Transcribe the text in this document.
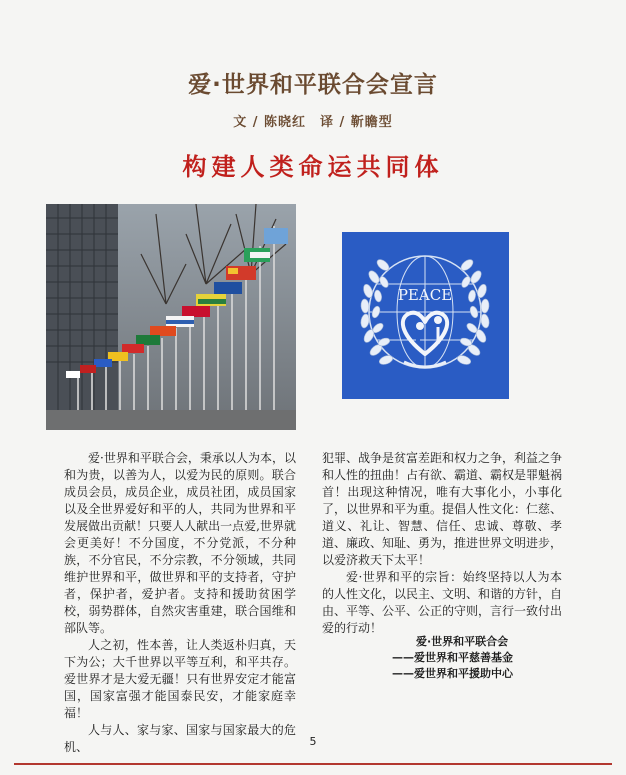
爱·世界和平联合会宣言
文 / 陈晓红　译 / 靳瞻型
构建人类命运共同体
PEACE

爱·世界和平联合会，秉承以人为本，以和为贵，以善为人，以爱为民的原则。联合成员会员，成员企业，成员社团，成员国家以及全世界爱好和平的人，共同为世界和平发展做出贡献！只要人人献出一点爱,世界就会更美好！不分国度，不分党派，不分种族，不分官民，不分宗教，不分领域，共同维护世界和平，做世界和平的支持者，守护者，保护者，爱护者。支持和援助贫困学校，弱势群体，自然灾害重建，联合国维和部队等。

人之初，性本善，让人类返朴归真，天下为公；大千世界以平等互利，和平共存。爱世界才是大爱无疆！只有世界安定才能富国，国家富强才能国泰民安，才能家庭幸福！

人与人、家与家、国家与国家最大的危机、

犯罪、战争是贫富差距和权力之争，利益之争和人性的扭曲！占有欲、霸道、霸权是罪魁祸首！出现这种情况，唯有大事化小，小事化了，以世界和平为重。提倡人性文化：仁慈、道义、礼让、智慧、信任、忠诚、尊敬、孝道、廉政、知耻、勇为，推进世界文明进步，以爱济救天下太平！

爱·世界和平的宗旨：始终坚持以人为本的人性文化，以民主、文明、和谐的方针，自由、平等、公平、公正的守则，言行一致付出爱的行动！

爱·世界和平联合会
——爱世界和平慈善基金
——爱世界和平援助中心
5
